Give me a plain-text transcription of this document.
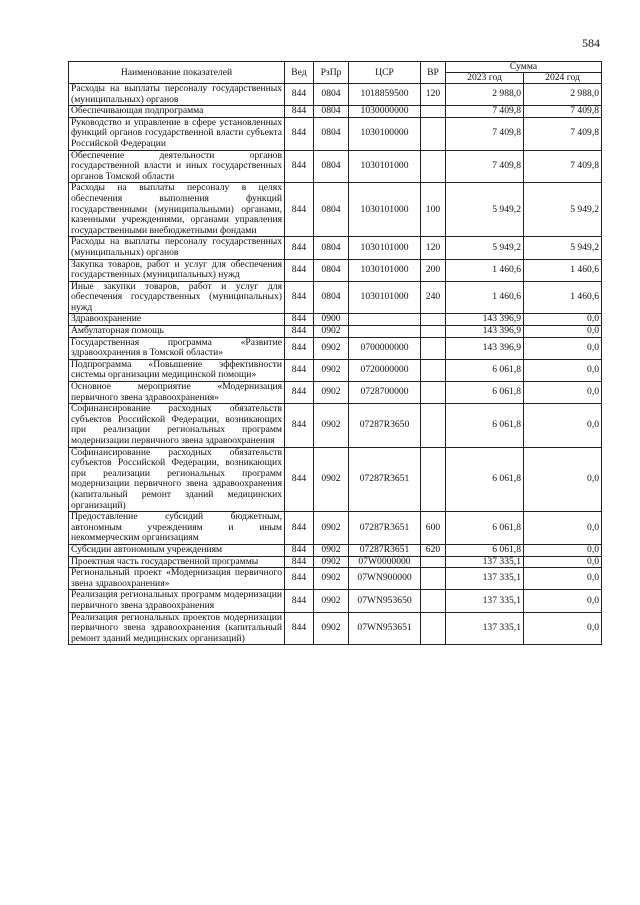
584
Наименование показателей	Вед	РзПр	ЦСР	ВР	Сумма	
					2023 год	2024 год
Расходы на выплаты персоналу государственных (муниципальных) органов	844	0804	1018859500	120	2 988,0	2 988,0
Обеспечивающая подпрограмма	844	0804	1030000000		7 409,8	7 409,8
Руководство и управление в сфере установленных функций органов государственной власти субъекта Российской Федерации	844	0804	1030100000		7 409,8	7 409,8
Обеспечение деятельности органов государственной власти и иных государственных органов Томской области	844	0804	1030101000		7 409,8	7 409,8
Расходы на выплаты персоналу в целях обеспечения выполнения функций государственными (муниципальными) органами, казенными учреждениями, органами управления государственными внебюджетными фондами	844	0804	1030101000	100	5 949,2	5 949,2
Расходы на выплаты персоналу государственных (муниципальных) органов	844	0804	1030101000	120	5 949,2	5 949,2
Закупка товаров, работ и услуг для обеспечения государственных (муниципальных) нужд	844	0804	1030101000	200	1 460,6	1 460,6
Иные закупки товаров, работ и услуг для обеспечения государственных (муниципальных) нужд	844	0804	1030101000	240	1 460,6	1 460,6
Здравоохранение	844	0900			143 396,9	0,0
Амбулаторная помощь	844	0902			143 396,9	0,0
Государственная программа «Развитие здравоохранения в Томской области»	844	0902	0700000000		143 396,9	0,0
Подпрограмма «Повышение эффективности системы организации медицинской помощи»	844	0902	0720000000		6 061,8	0,0
Основное мероприятие «Модернизация первичного звена здравоохранения»	844	0902	0728700000		6 061,8	0,0
Софинансирование расходных обязательств субъектов Российской Федерации, возникающих при реализации региональных программ модернизации первичного звена здравоохранения	844	0902	07287R3650		6 061,8	0,0
Софинансирование расходных обязательств субъектов Российской Федерации, возникающих при реализации региональных программ модернизации первичного звена здравоохранения (капитальный ремонт зданий медицинских организаций)	844	0902	07287R3651		6 061,8	0,0
Предоставление субсидий бюджетным, автономным учреждениям и иным некоммерческим организациям	844	0902	07287R3651	600	6 061,8	0,0
Субсидии автономным учреждениям	844	0902	07287R3651	620	6 061,8	0,0
Проектная часть государственной программы	844	0902	07W0000000		137 335,1	0,0
Региональный проект «Модернизация первичного звена здравоохранения»	844	0902	07WN900000		137 335,1	0,0
Реализация региональных программ модернизации первичного звена здравоохранения	844	0902	07WN953650		137 335,1	0,0
Реализация региональных проектов модернизации первичного звена здравоохранения (капитальный ремонт зданий медицинских организаций)	844	0902	07WN953651		137 335,1	0,0
